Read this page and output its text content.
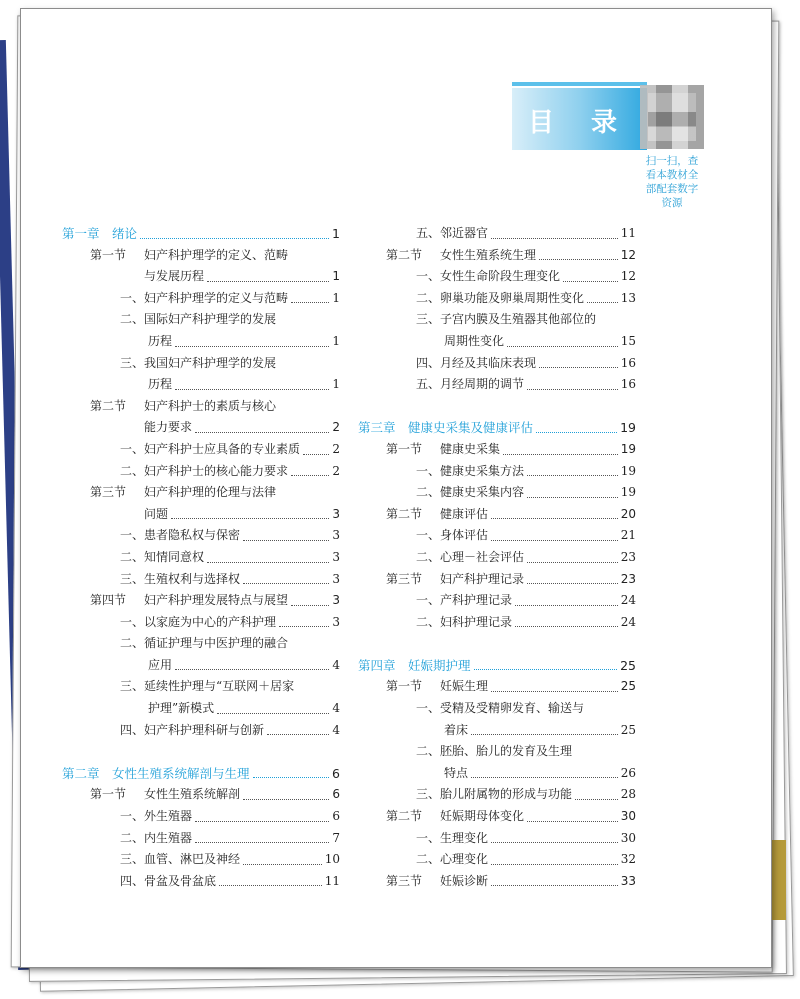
目 录
扫一扫，查
看本教材全
部配套数字
资源
第一章　绪论	1
第一节 妇产科护理学的定义、范畴
与发展历程	1
一、妇产科护理学的定义与范畴	1
二、国际妇产科护理学的发展
历程	1
三、我国妇产科护理学的发展
历程	1
第二节 妇产科护士的素质与核心
能力要求	2
一、妇产科护士应具备的专业素质	2
二、妇产科护士的核心能力要求	2
第三节 妇产科护理的伦理与法律
问题	3
一、患者隐私权与保密	3
二、知情同意权	3
三、生殖权利与选择权	3
第四节 妇产科护理发展特点与展望	3
一、以家庭为中心的产科护理	3
二、循证护理与中医护理的融合
应用	4
三、延续性护理与“互联网＋居家
护理”新模式	4
四、妇产科护理科研与创新	4
第二章　女性生殖系统解剖与生理	6
第一节 女性生殖系统解剖	6
一、外生殖器	6
二、内生殖器	7
三、血管、淋巴及神经	10
四、骨盆及骨盆底	11
五、邻近器官	11
第二节 女性生殖系统生理	12
一、女性生命阶段生理变化	12
二、卵巢功能及卵巢周期性变化	13
三、子宫内膜及生殖器其他部位的
周期性变化	15
四、月经及其临床表现	16
五、月经周期的调节	16
第三章　健康史采集及健康评估	19
第一节 健康史采集	19
一、健康史采集方法	19
二、健康史采集内容	19
第二节 健康评估	20
一、身体评估	21
二、心理－社会评估	23
第三节 妇产科护理记录	23
一、产科护理记录	24
二、妇科护理记录	24
第四章　妊娠期护理	25
第一节 妊娠生理	25
一、受精及受精卵发育、输送与
着床	25
二、胚胎、胎儿的发育及生理
特点	26
三、胎儿附属物的形成与功能	28
第二节 妊娠期母体变化	30
一、生理变化	30
二、心理变化	32
第三节 妊娠诊断	33
